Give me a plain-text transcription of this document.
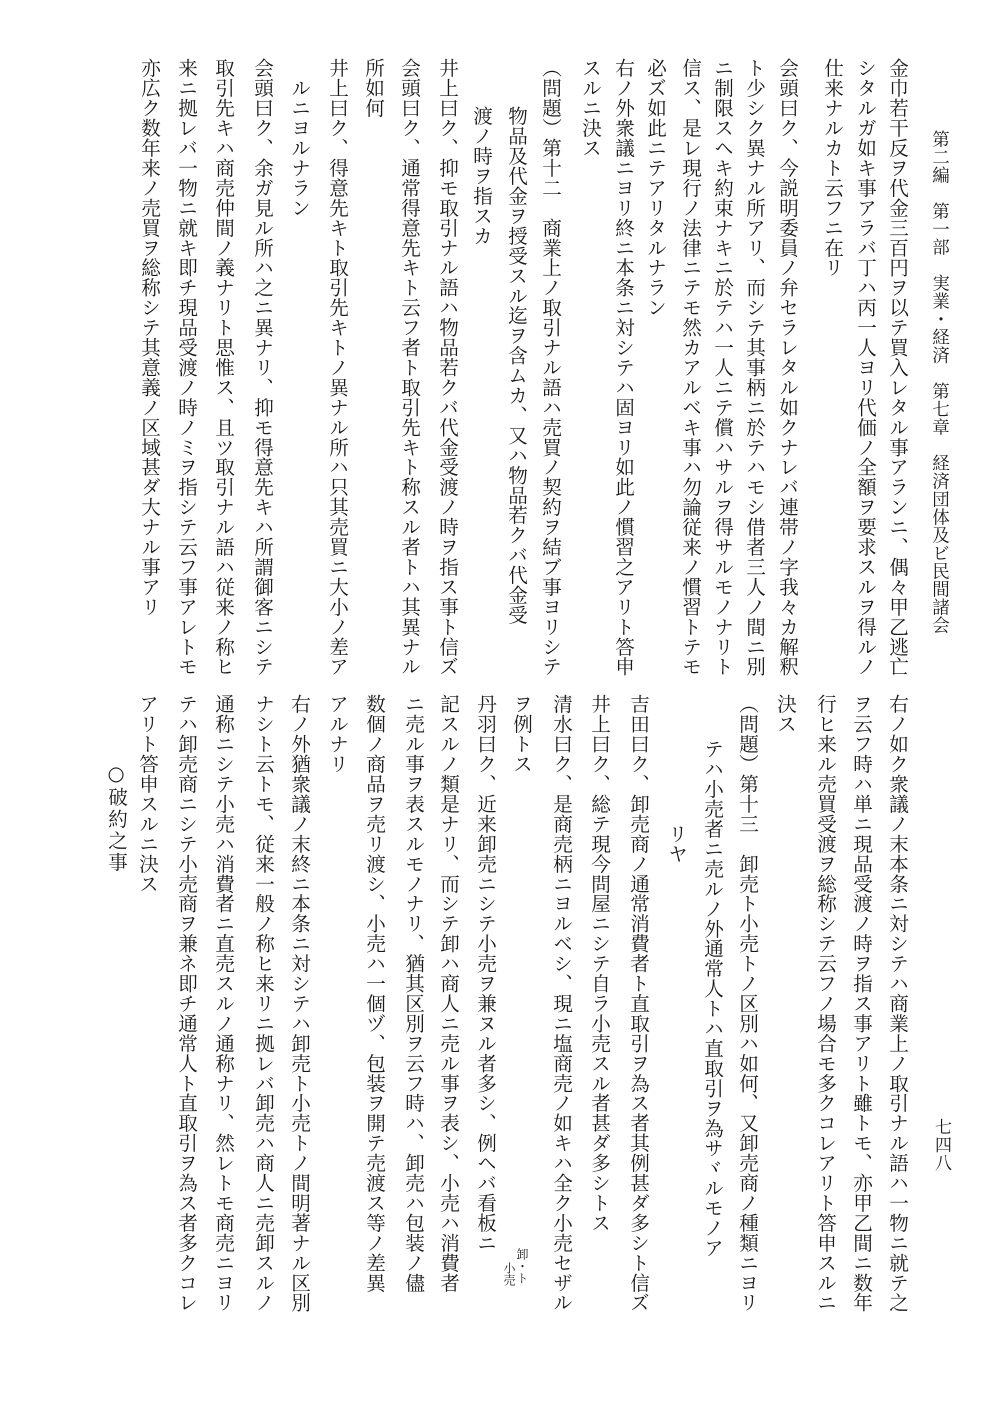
第二編　第一部　実業・経済　第七章　経済団体及ビ民間諸会
七四八
金巾若干反ヲ代金三百円ヲ以テ買入レタル事アランニ、偶々甲乙逃亡
シタルガ如キ事アラバ丁ハ丙一人ヨリ代価ノ全額ヲ要求スルヲ得ルノ
仕来ナルカト云フニ在リ
会頭曰ク、今説明委員ノ弁セラレタル如クナレバ連帯ノ字我々カ解釈
ト少シク異ナル所アリ、而シテ其事柄ニ於テハモシ借者三人ノ間ニ別
ニ制限スヘキ約束ナキニ於テハ一人ニテ償ハサルヲ得サルモノナリト
信ス、是レ現行ノ法律ニテモ然カアルベキ事ハ勿論従来ノ慣習トテモ
必ズ如此ニテアリタルナラン
右ノ外衆議ニヨリ終ニ本条ニ対シテハ固ヨリ如此ノ慣習之アリト答申
スルニ決ス
（問題）第十二　商業上ノ取引ナル語ハ売買ノ契約ヲ結ブ事ヨリシテ
物品及代金ヲ授受スル迄ヲ含ムカ、又ハ物品若クバ代金受
渡ノ時ヲ指スカ
井上曰ク、抑モ取引ナル語ハ物品若クバ代金受渡ノ時ヲ指ス事ト信ズ
会頭曰ク、通常得意先キト云フ者ト取引先キト称スル者トハ其異ナル
所如何
井上曰ク、得意先キト取引先キトノ異ナル所ハ只其売買ニ大小ノ差ア
ルニヨルナラン
会頭曰ク、余ガ見ル所ハ之ニ異ナリ、抑モ得意先キハ所謂御客ニシテ
取引先キハ商売仲間ノ義ナリト思惟ス、且ツ取引ナル語ハ従来ノ称ヒ
来ニ拠レバ一物ニ就キ即チ現品受渡ノ時ノミヲ指シテ云フ事アレトモ
亦広ク数年来ノ売買ヲ総称シテ其意義ノ区域甚ダ大ナル事アリ
右ノ如ク衆議ノ末本条ニ対シテハ商業上ノ取引ナル語ハ一物ニ就テ之
ヲ云フ時ハ単ニ現品受渡ノ時ヲ指ス事アリト雖トモ、亦甲乙間ニ数年
行ヒ来ル売買受渡ヲ総称シテ云フノ場合モ多クコレアリト答申スルニ
決ス
（問題）第十三　卸売ト小売トノ区別ハ如何、又卸売商ノ種類ニヨリ
テハ小売者ニ売ルノ外通常人トハ直取引ヲ為サヾルモノア
リヤ
吉田曰ク、卸売商ノ通常消費者ト直取引ヲ為ス者其例甚ダ多シト信ズ
井上曰ク、総テ現今問屋ニシテ自ラ小売スル者甚ダ多シトス
清水曰ク、是商売柄ニヨルベシ、現ニ塩商売ノ如キハ全ク小売セザル
ヲ例トス
丹羽曰ク、近来卸売ニシテ小売ヲ兼ヌル者多シ、例ヘバ看板ニ
記スルノ類是ナリ、而シテ卸ハ商人ニ売ル事ヲ表シ、小売ハ消費者
ニ売ル事ヲ表スルモノナリ、猶其区別ヲ云フ時ハ、卸売ハ包装ノ儘
数個ノ商品ヲ売リ渡シ、小売ハ一個ヅ、包装ヲ開テ売渡ス等ノ差異
アルナリ
右ノ外猶衆議ノ末終ニ本条ニ対シテハ卸売ト小売トノ間明著ナル区別
ナシト云トモ、従来一般ノ称ヒ来リニ拠レバ卸売ハ商人ニ売卸スルノ
通称ニシテ小売ハ消費者ニ直売スルノ通称ナリ、然レトモ商売ニヨリ
テハ卸売商ニシテ小売商ヲ兼ネ即チ通常人ト直取引ヲ為ス者多クコレ
アリト答申スルニ決ス
卸・ト
小売
○破約之事
